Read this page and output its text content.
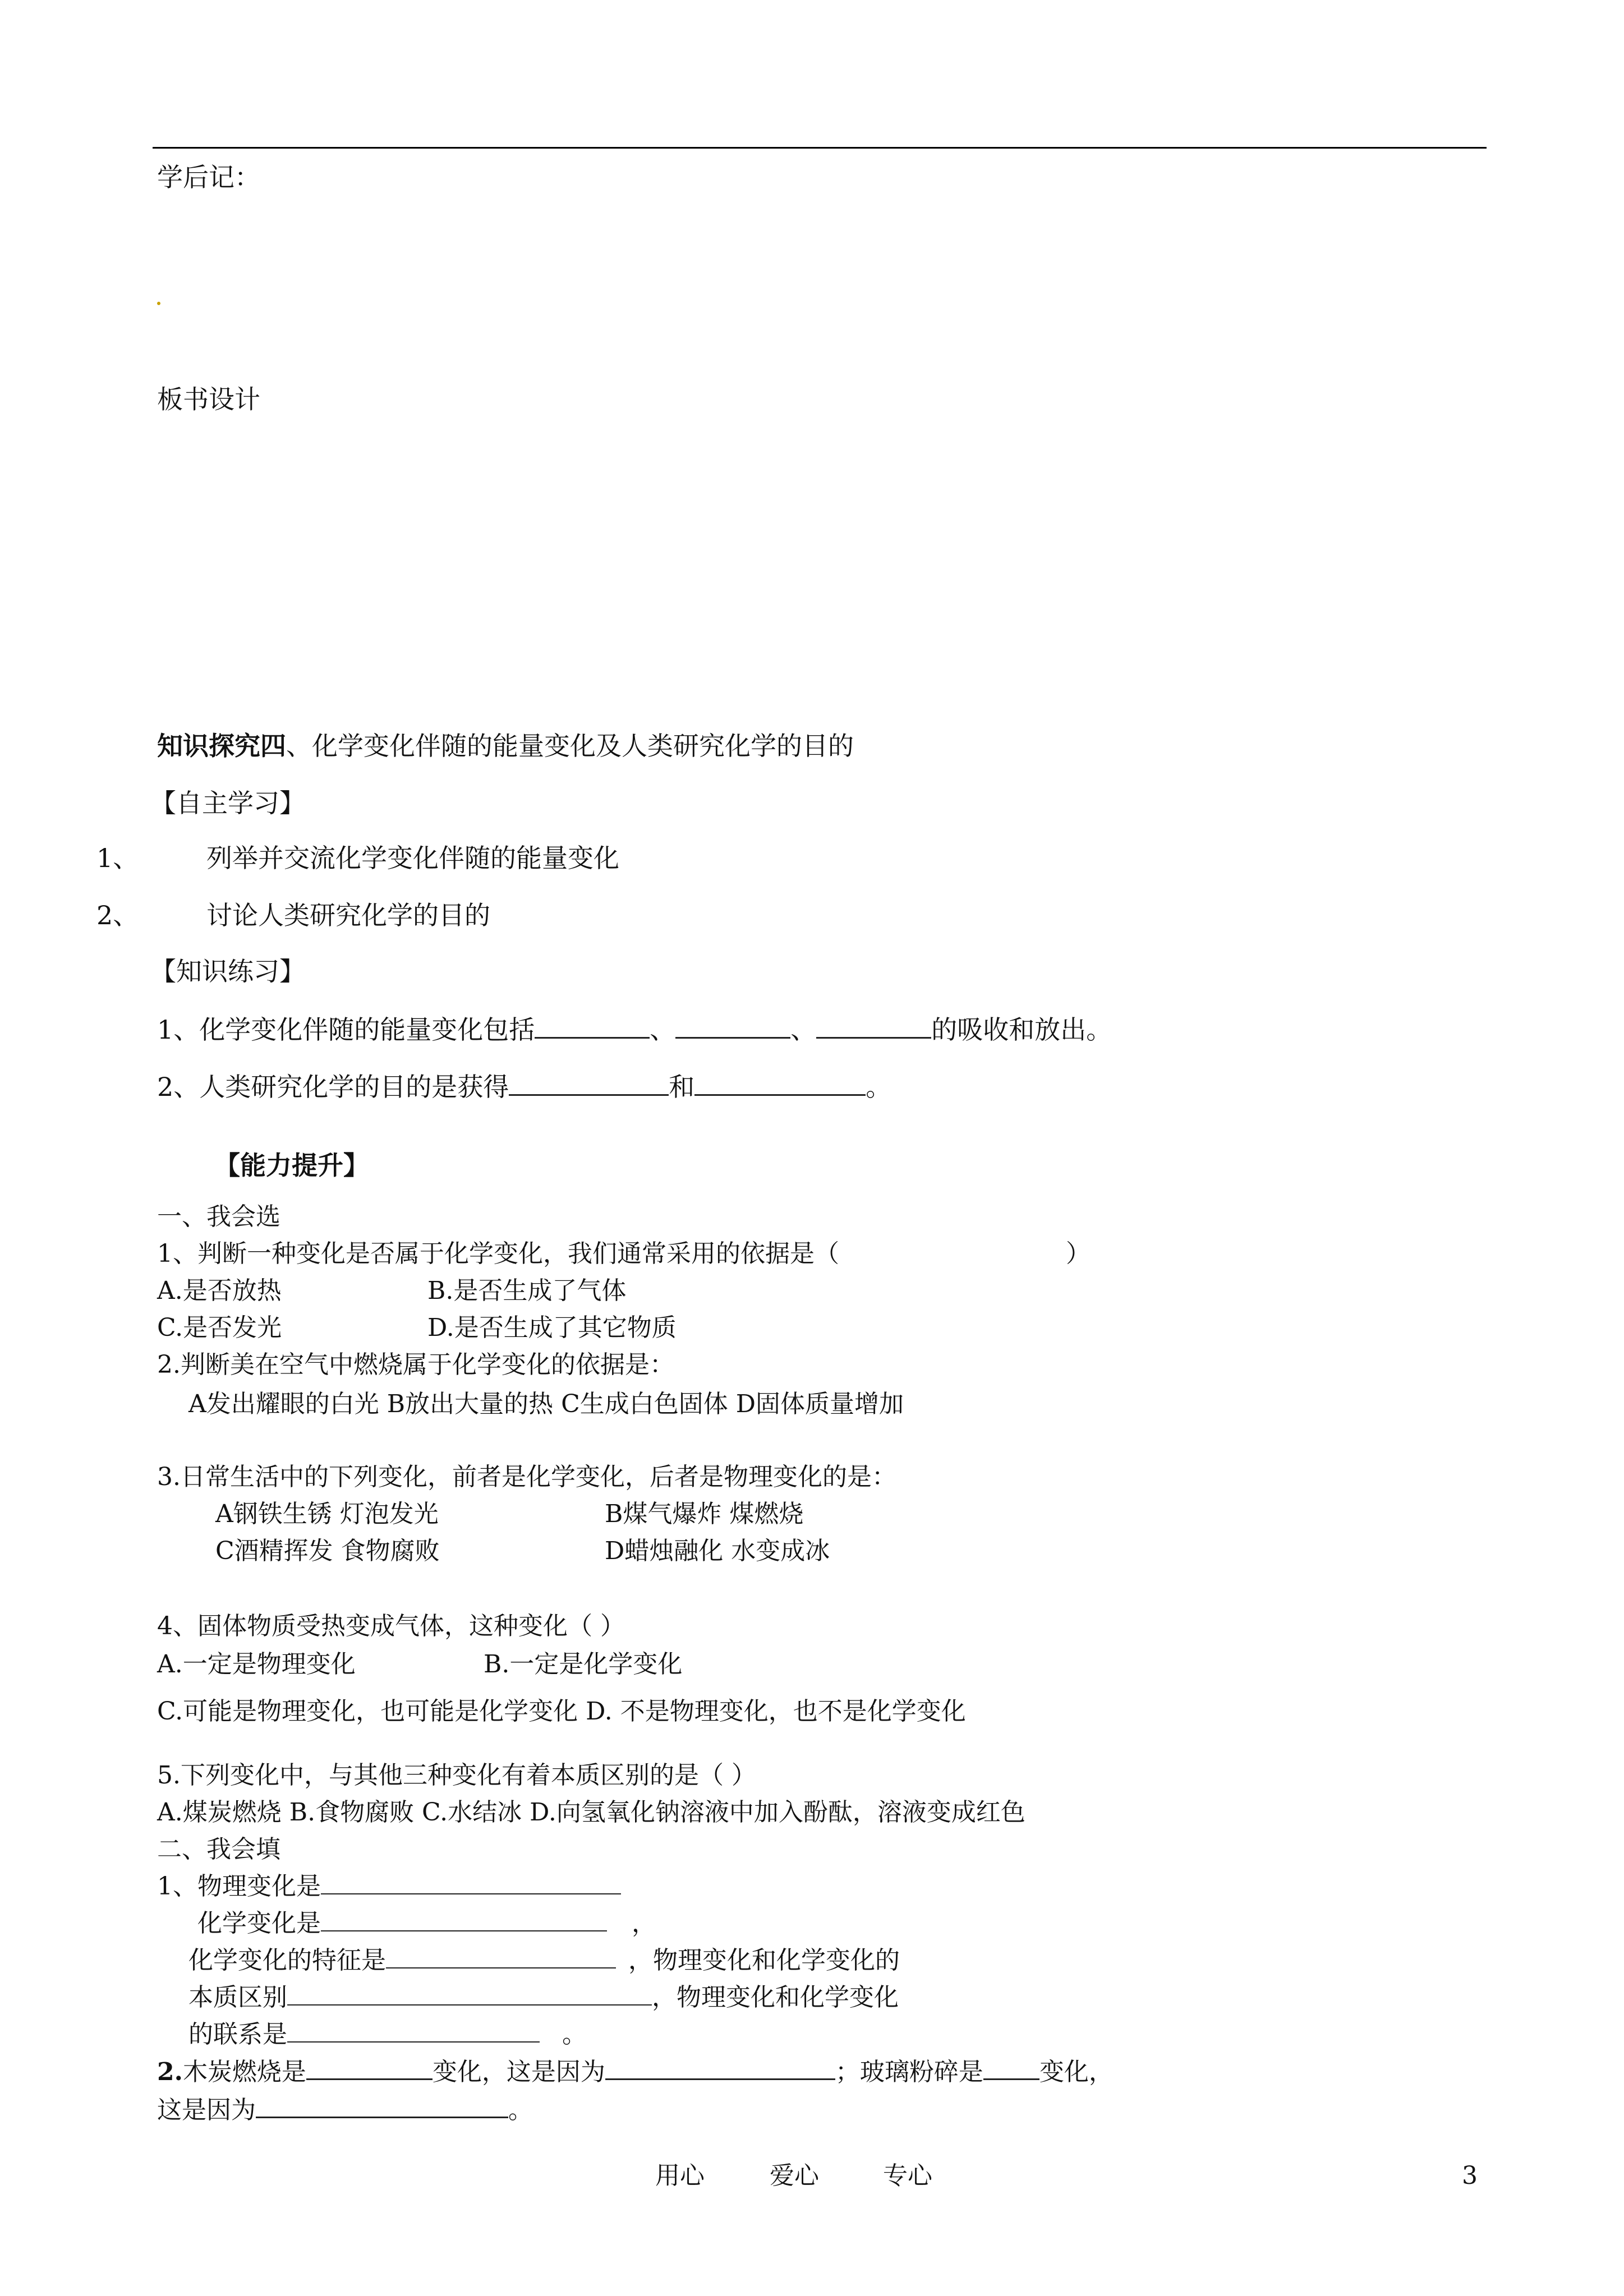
学后记：
板书设计
知识探究四、化学变化伴随的能量变化及人类研究化学的目的
【自主学习】
1、	列举并交流化学变化伴随的能量变化
2、	讨论人类研究化学的目的
【知识练习】
1、化学变化伴随的能量变化包括	、	、	的吸收和放出。
2、人类研究化学的目的是获得	和	。
【能力提升】
一、我会选
1、判断一种变化是否属于化学变化，我们通常采用的依据是（	）
A.是否放热	B.是否生成了气体
C.是否发光	D.是否生成了其它物质
2.判断美在空气中燃烧属于化学变化的依据是：
A发出耀眼的白光 B放出大量的热 C生成白色固体 D固体质量增加
3.日常生活中的下列变化，前者是化学变化，后者是物理变化的是：
A钢铁生锈 灯泡发光	B煤气爆炸 煤燃烧
C酒精挥发 食物腐败	D蜡烛融化 水变成冰
4、固体物质受热变成气体，这种变化（ ）
A.一定是物理变化	B.一定是化学变化
C.可能是物理变化，也可能是化学变化 D. 不是物理变化，也不是化学变化
5.下列变化中，与其他三种变化有着本质区别的是（ ）
A.煤炭燃烧 B.食物腐败 C.水结冰 D.向氢氧化钠溶液中加入酚酞，溶液变成红色
二、我会填
1、物理变化是
化学变化是	，
化学变化的特征是	，物理变化和化学变化的
本质区别	，物理变化和化学变化
的联系是	。
2.木炭燃烧是	变化，这是因为	；玻璃粉碎是 变化，
这是因为	。
用心	爱心	专心	3
